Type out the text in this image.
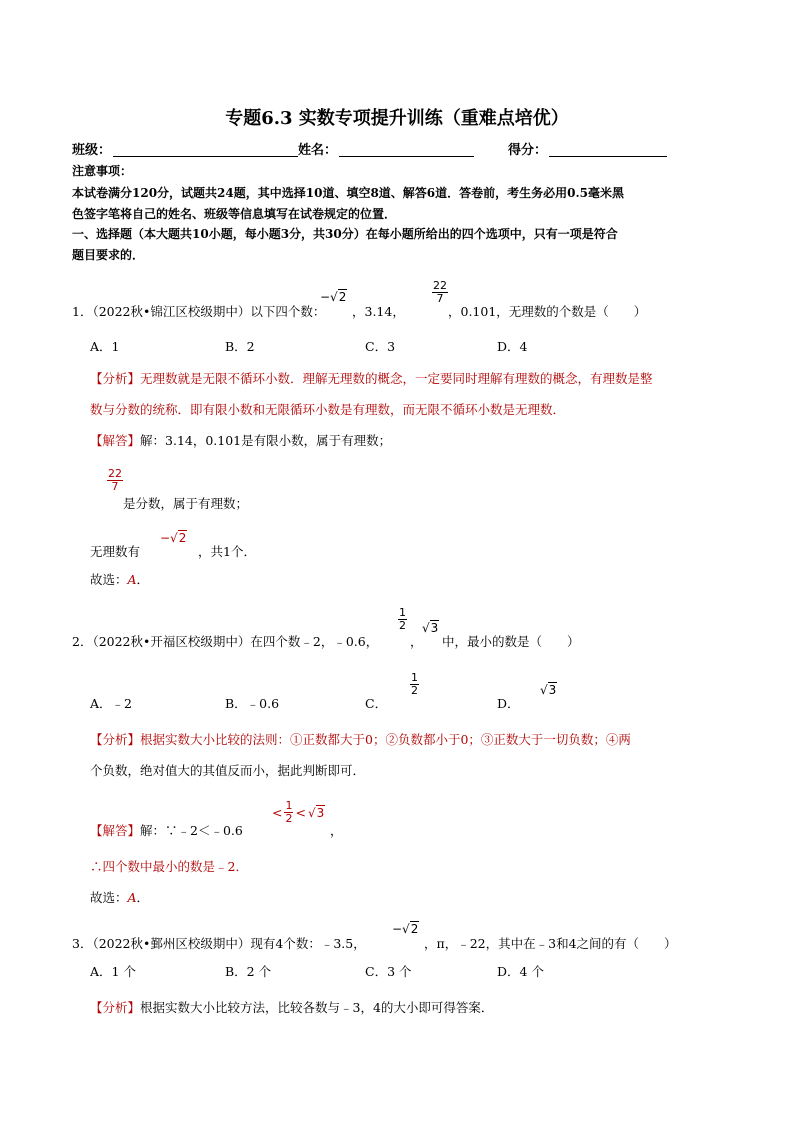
专题6.3 实数专项提升训练（重难点培优）
班级：	姓名：	得分：
注意事项：
本试卷满分120分，试题共24题，其中选择10道、填空8道、解答6道．答卷前，考生务必用0.5毫米黑
色签字笔将自己的姓名、班级等信息填写在试卷规定的位置．
一、选择题（本大题共10小题，每小题3分，共30分）在每小题所给出的四个选项中，只有一项是符合
题目要求的．
1．（2022秋•锦江区校级期中）以下四个数：
−√2
，3.14，
$\frac{22}{7}$
，0.101，无理数的个数是（　　）
A．1	B．2	C．3	D．4
【分析】无理数就是无限不循环小数．理解无理数的概念，一定要同时理解有理数的概念，有理数是整
数与分数的统称．即有限小数和无限循环小数是有理数，而无限不循环小数是无理数．
【解答】解：3.14，0.101是有限小数，属于有理数；
$\frac{22}{7}$
是分数，属于有理数；
无理数有
−√2
，共1个．
故选：A．
2．（2022秋•开福区校级期中）在四个数﹣2，﹣0.6，
$\frac{1}{2}$
，
√3
中，最小的数是（　　）
A．﹣2	B．﹣0.6	C．
$\frac{1}{2}$
D．
√3
【分析】根据实数大小比较的法则：①正数都大于0；②负数都小于0；③正数大于一切负数；④两
个负数，绝对值大的其值反而小，据此判断即可．
【解答】解：∵﹣2＜﹣0.6
< $\frac{1}{2} < √3$
，
∴四个数中最小的数是﹣2．
故选：A．
3．（2022秋•鄞州区校级期中）现有4个数：﹣3.5，
−√2
，π，﹣22，其中在﹣3和4之间的有（　　）
A．1 个	B．2 个	C．3 个	D．4 个
【分析】根据实数大小比较方法，比较各数与﹣3，4的大小即可得答案．
